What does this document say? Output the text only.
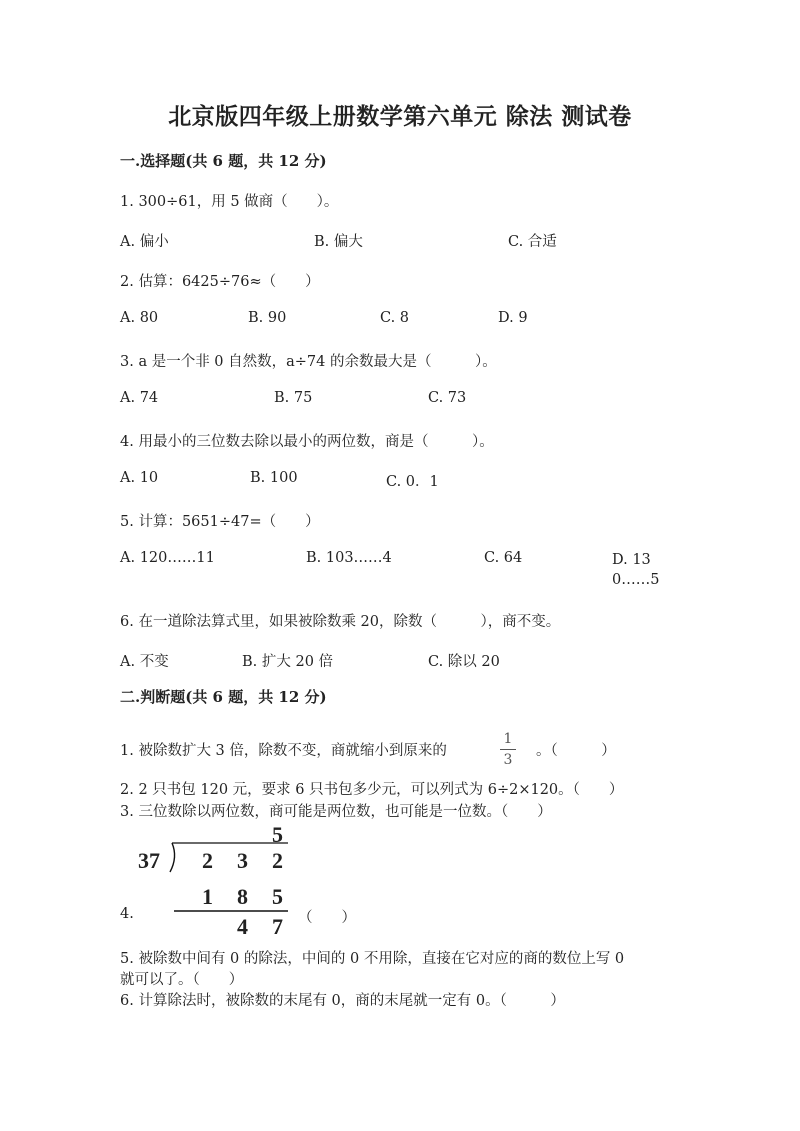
北京版四年级上册数学第六单元 除法 测试卷
一.选择题(共 6 题，共 12 分)
1. 300÷61，用 5 做商（　　）。
A. 偏小	B. 偏大	C. 合适
2. 估算：6425÷76≈（　　）
A. 80	B. 90	C. 8	D. 9
3. a 是一个非 0 自然数，a÷74 的余数最大是（　　　）。
A. 74	B. 75	C. 73
4. 用最小的三位数去除以最小的两位数，商是（　　　）。
A. 10	B. 100	C. 0．1
5. 计算：5651÷47=（　　）
A. 120……11	B. 103……4	C. 64	D. 130……5
6. 在一道除法算式里，如果被除数乘 20，除数（　　　），商不变。
A. 不变	B. 扩大 20 倍	C. 除以 20
二.判断题(共 6 题，共 12 分)
1. 被除数扩大 3 倍，除数不变，商就缩小到原来的
1
3
。（　　　）
2. 2 只书包 120 元，要求 6 只书包多少元，可以列式为 6÷2×120。（　　）
3. 三位数除以两位数，商可能是两位数，也可能是一位数。（　　）
4.
5
37 2 3 2
1 8 5
4 7 （　　）
5. 被除数中间有 0 的除法，中间的 0 不用除，直接在它对应的商的数位上写 0
就可以了。（　　）
6. 计算除法时，被除数的末尾有 0，商的末尾就一定有 0。（　　　）
